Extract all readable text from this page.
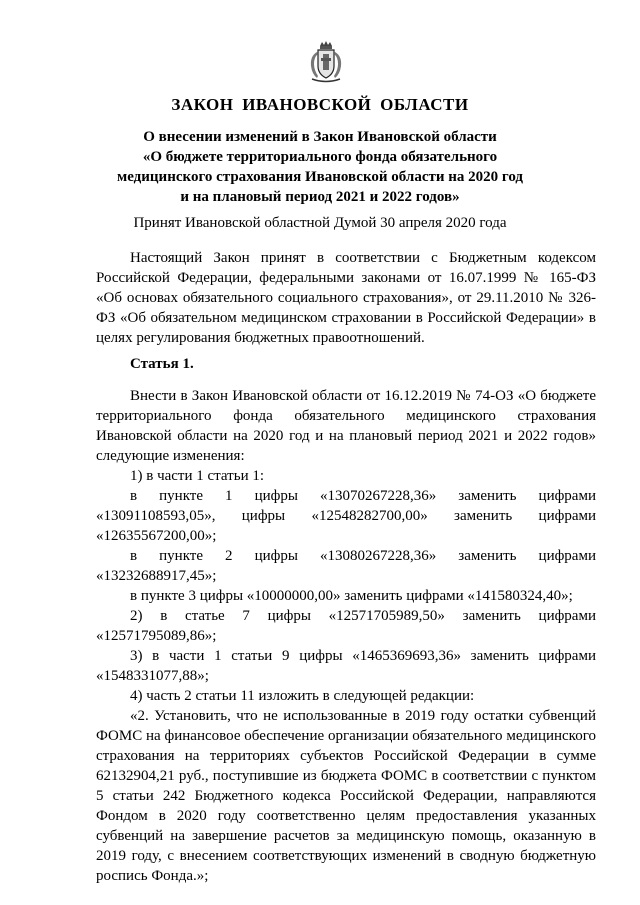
ЗАКОН ИВАНОВСКОЙ ОБЛАСТИ
О внесении изменений в Закон Ивановской области
«О бюджете территориального фонда обязательного
медицинского страхования Ивановской области на 2020 год
и на плановый период 2021 и 2022 годов»
Принят Ивановской областной Думой 30 апреля 2020 года

Настоящий Закон принят в соответствии с Бюджетным кодексом Российской Федерации, федеральными законами от 16.07.1999 № 165-ФЗ «Об основах обязательного социального страхования», от 29.11.2010 № 326-ФЗ «Об обязательном медицинском страховании в Российской Федерации» в целях регулирования бюджетных правоотношений.

Статья 1.

Внести в Закон Ивановской области от 16.12.2019 № 74-ОЗ «О бюджете территориального фонда обязательного медицинского страхования Ивановской области на 2020 год и на плановый период 2021 и 2022 годов» следующие изменения:

1) в части 1 статьи 1:

в пункте 1 цифры «13070267228,36» заменить цифрами «13091108593,05», цифры «12548282700,00» заменить цифрами «12635567200,00»;

в пункте 2 цифры «13080267228,36» заменить цифрами «13232688917,45»;

в пункте 3 цифры «10000000,00» заменить цифрами «141580324,40»;

2) в статье 7 цифры «12571705989,50» заменить цифрами «12571795089,86»;

3) в части 1 статьи 9 цифры «1465369693,36» заменить цифрами «1548331077,88»;

4) часть 2 статьи 11 изложить в следующей редакции:

«2. Установить, что не использованные в 2019 году остатки субвенций ФОМС на финансовое обеспечение организации обязательного медицинского страхования на территориях субъектов Российской Федерации в сумме 62132904,21 руб., поступившие из бюджета ФОМС в соответствии с пунктом 5 статьи 242 Бюджетного кодекса Российской Федерации, направляются Фондом в 2020 году соответственно целям предоставления указанных субвенций на завершение расчетов за медицинскую помощь, оказанную в 2019 году, с внесением соответствующих изменений в сводную бюджетную роспись Фонда.»;
